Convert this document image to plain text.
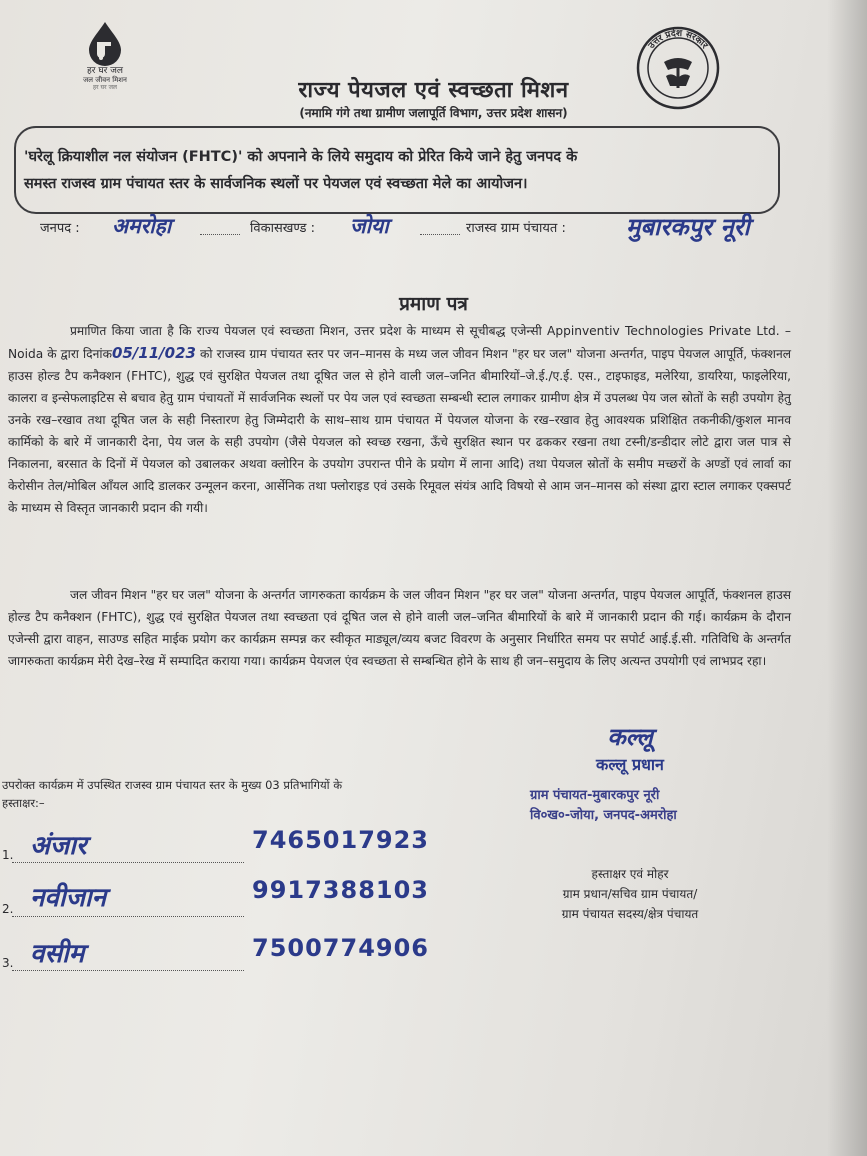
हर घर जल
जल जीवन मिशन
हर घर जल
उत्तर प्रदेश सरकार
राज्य पेयजल एवं स्वच्छता मिशन
(नमामि गंगे तथा ग्रामीण जलापूर्ति विभाग, उत्तर प्रदेश शासन)
'घरेलू क्रियाशील नल संयोजन (FHTC)' को अपनाने के लिये समुदाय को प्रेरित किये जाने हेतु जनपद के
समस्त राजस्व ग्राम पंचायत स्तर के सार्वजनिक स्थलों पर पेयजल एवं स्वच्छता मेले का आयोजन।
जनपद : अमरोहा	विकासखण्ड : जोया	राजस्व ग्राम पंचायत :	मुबारकपुर नूरी
प्रमाण पत्र

प्रमाणित किया जाता है कि राज्य पेयजल एवं स्वच्छता मिशन, उत्तर प्रदेश के माध्यम से सूचीबद्ध एजेन्सी Appinventiv Technologies Private Ltd. – Noida के द्वारा दिनांक05/11/023 को राजस्व ग्राम पंचायत स्तर पर जन–मानस के मध्य जल जीवन मिशन "हर घर जल" योजना अन्तर्गत, पाइप पेयजल आपूर्ति, फंक्शनल हाउस होल्ड टैप कनैक्शन (FHTC), शुद्ध एवं सुरक्षित पेयजल तथा दूषित जल से होने वाली जल–जनित बीमारियों–जे.ई./ए.ई. एस., टाइफाइड, मलेरिया, डायरिया, फाइलेरिया, कालरा व इन्सेफलाइटिस से बचाव हेतु ग्राम पंचायतों में सार्वजनिक स्थलों पर पेय जल एवं स्वच्छता सम्बन्धी स्टाल लगाकर ग्रामीण क्षेत्र में उपलब्ध पेय जल स्रोतों के सही उपयोग हेतु उनके रख–रखाव तथा दूषित जल के सही निस्तारण हेतु जिम्मेदारी के साथ–साथ ग्राम पंचायत में पेयजल योजना के रख–रखाव हेतु आवश्यक प्रशिक्षित तकनीकी/कुशल मानव कार्मिको के बारे में जानकारी देना, पेय जल के सही उपयोग (जैसे पेयजल को स्वच्छ रखना, ऊँचे सुरक्षित स्थान पर ढककर रखना तथा टस्नी/डन्डीदार लोटे द्वारा जल पात्र से निकालना, बरसात के दिनों में पेयजल को उबालकर अथवा क्लोरिन के उपयोग उपरान्त पीने के प्रयोग में लाना आदि) तथा पेयजल स्रोतों के समीप मच्छरों के अण्डों एवं लार्वा का केरोसीन तेल/मोबिल आँयल आदि डालकर उन्मूलन करना, आर्सेनिक तथा फ्लोराइड एवं उसके रिमूवल संयंत्र आदि विषयो से आम जन–मानस को संस्था द्वारा स्टाल लगाकर एक्सपर्ट के माध्यम से विस्तृत जानकारी प्रदान की गयी।

जल जीवन मिशन "हर घर जल" योजना के अन्तर्गत जागरुकता कार्यक्रम के जल जीवन मिशन "हर घर जल" योजना अन्तर्गत, पाइप पेयजल आपूर्ति, फंक्शनल हाउस होल्ड टैप कनैक्शन (FHTC), शुद्ध एवं सुरक्षित पेयजल तथा स्वच्छता एवं दूषित जल से होने वाली जल–जनित बीमारियों के बारे में जानकारी प्रदान की गई। कार्यक्रम के दौरान एजेन्सी द्वारा वाहन, साउण्ड सहित माईक प्रयोग कर कार्यक्रम सम्पन्न कर स्वीकृत माड्यूल/व्यय बजट विवरण के अनुसार निर्धारित समय पर सपोर्ट आई.ई.सी. गतिविधि के अन्तर्गत जागरुकता कार्यक्रम मेरी देख–रेख में सम्पादित कराया गया। कार्यक्रम पेयजल एंव स्वच्छता से सम्बन्धित होने के साथ ही जन–समुदाय के लिए अत्यन्त उपयोगी एवं लाभप्रद रहा।

कल्लू
कल्लू प्रधान
ग्राम पंचायत-मुबारकपुर नूरी
वि०ख०-जोया, जनपद-अमरोहा
उपरोक्त कार्यक्रम में उपस्थित राजस्व ग्राम पंचायत स्तर के मुख्य 03 प्रतिभागियों के
हस्ताक्षर:–
1. अंजार	7465017923
2. नवीजान	9917388103
3. वसीम	7500774906
हस्ताक्षर एवं मोहर
ग्राम प्रधान/सचिव ग्राम पंचायत/
ग्राम पंचायत सदस्य/क्षेत्र पंचायत
